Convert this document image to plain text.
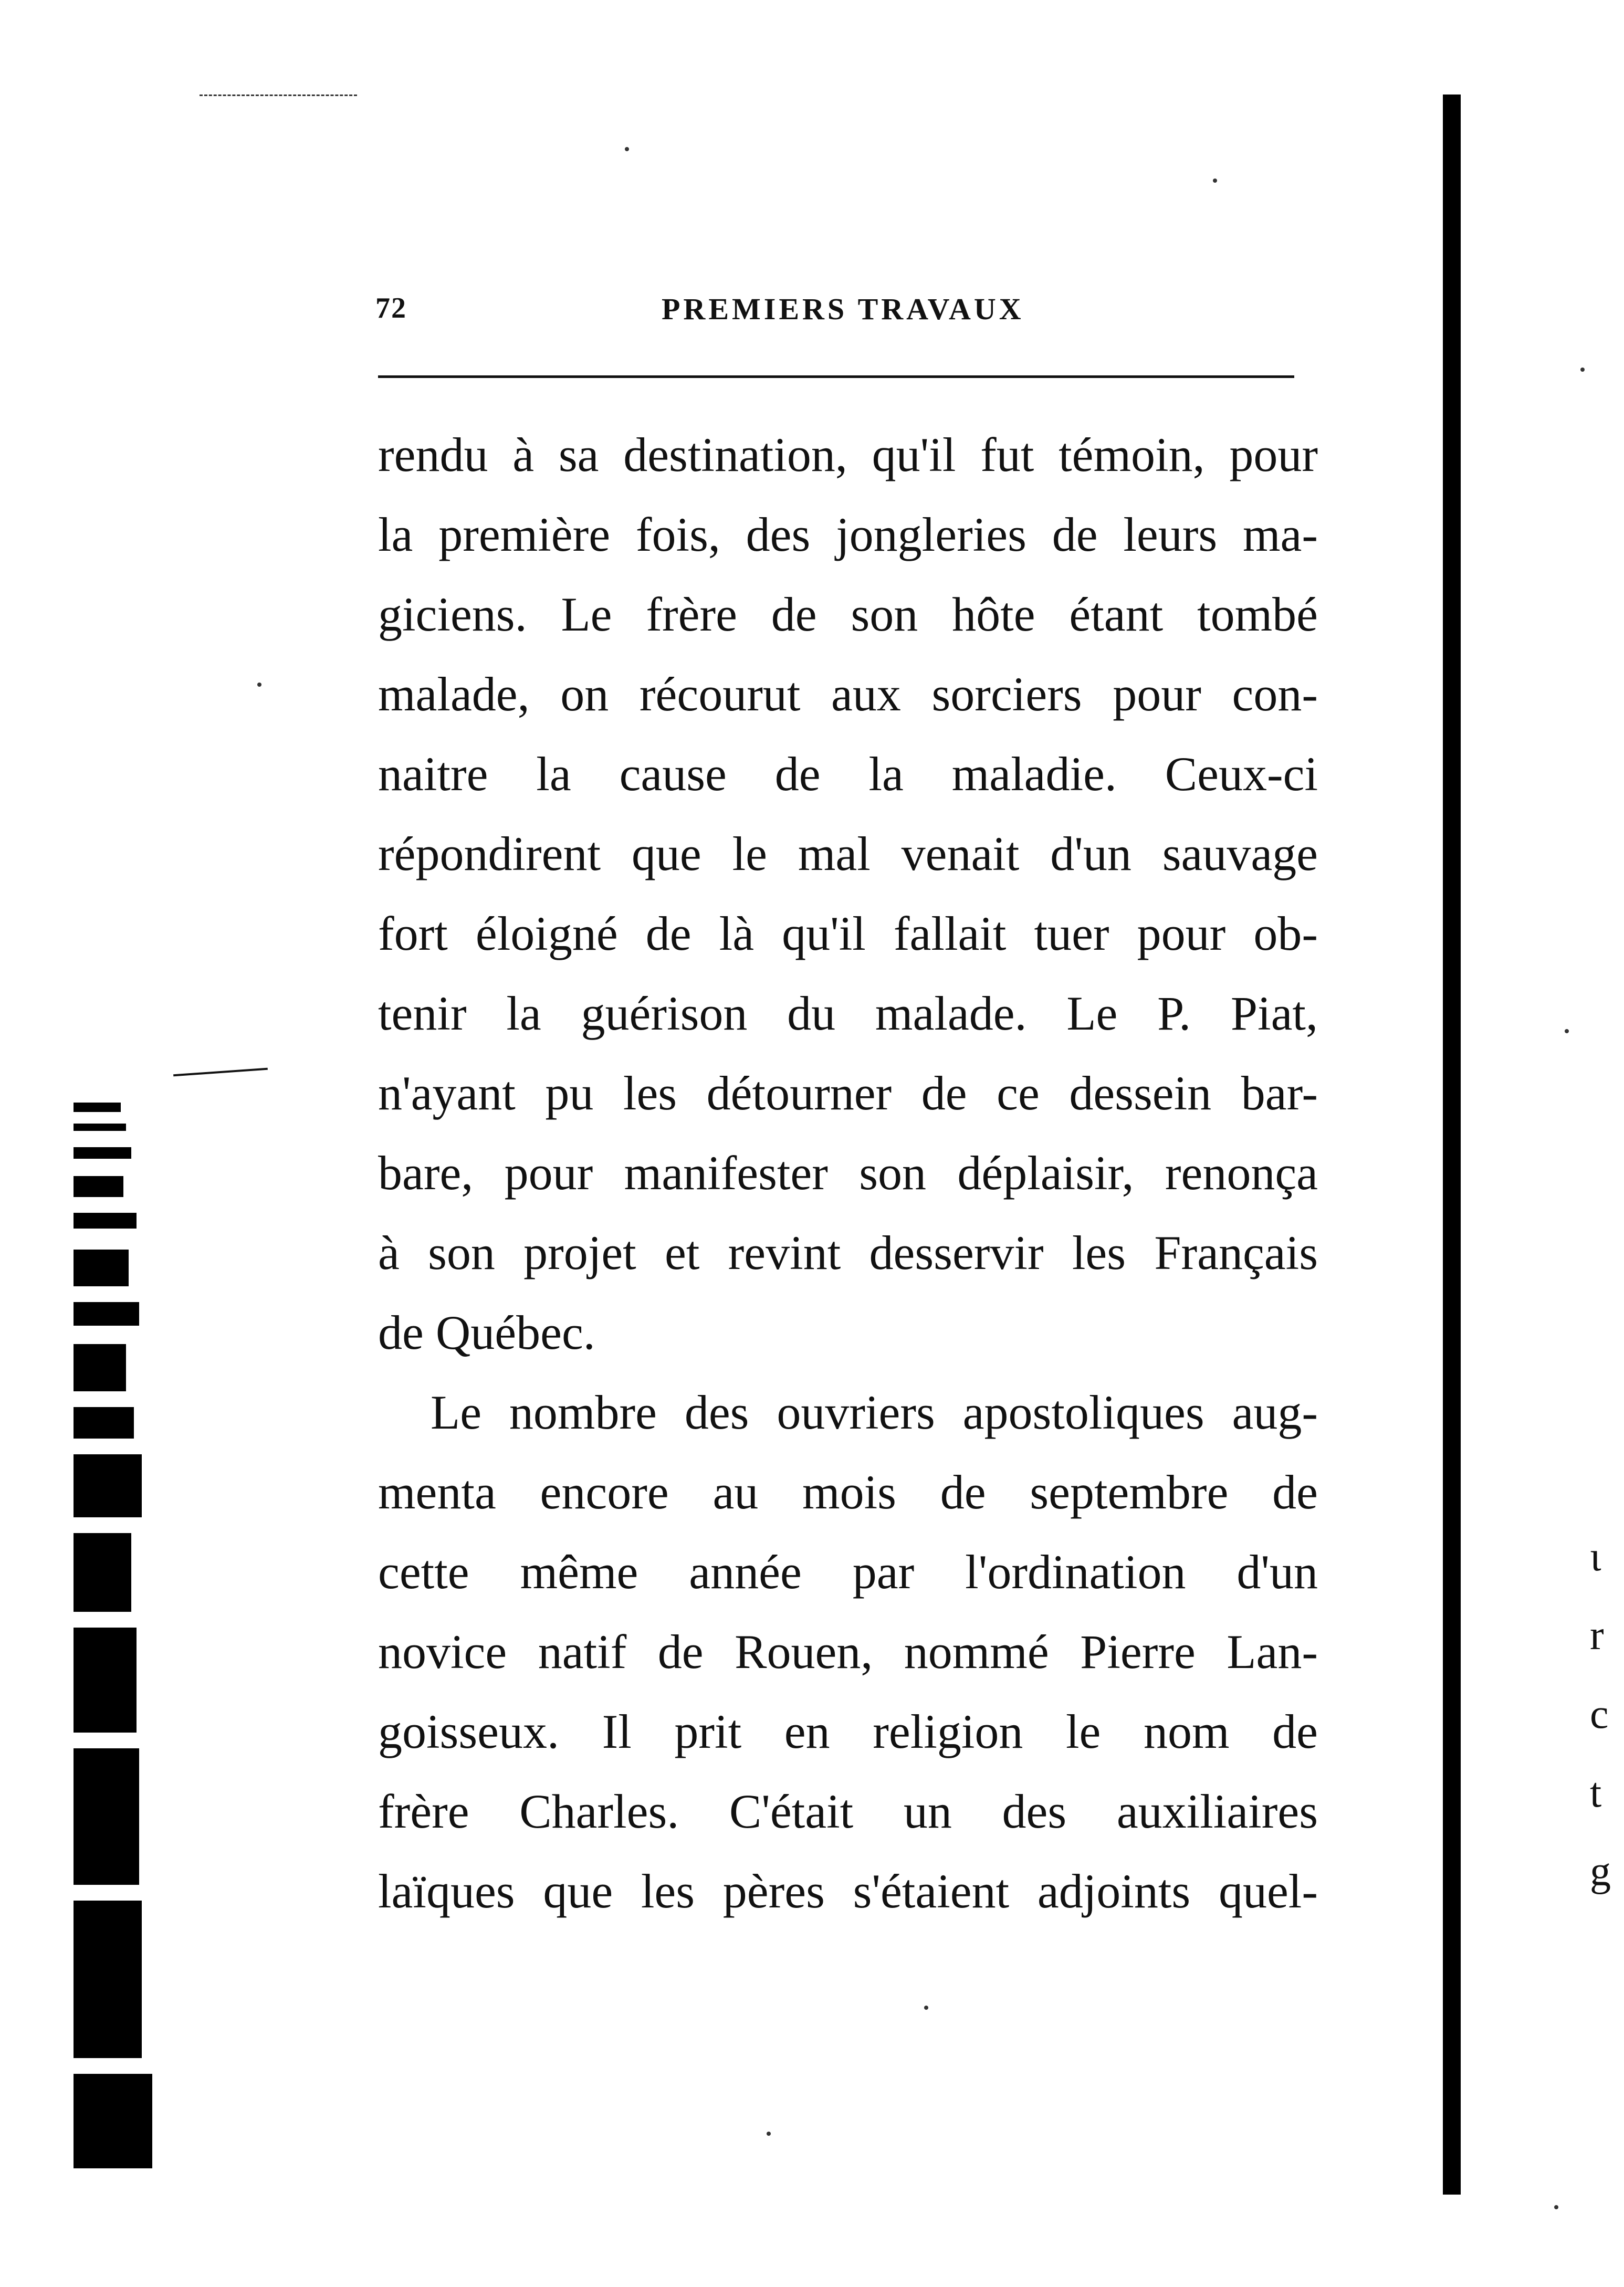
72	PREMIERS TRAVAUX
rendu à sa destination, qu'il fut témoin, pour
la première fois, des jongleries de leurs ma-
giciens. Le frère de son hôte étant tombé
malade, on récourut aux sorciers pour con-
naitre la cause de la maladie. Ceux-ci
répondirent que le mal venait d'un sauvage
fort éloigné de là qu'il fallait tuer pour ob-
tenir la guérison du malade. Le P. Piat,
n'ayant pu les détourner de ce dessein bar-
bare, pour manifester son déplaisir, renonça
à son projet et revint desservir les Français
de Québec.
Le nombre des ouvriers apostoliques aug-
menta encore au mois de septembre de
cette même année par l'ordination d'un
novice natif de Rouen, nommé Pierre Lan-
goisseux. Il prit en religion le nom de
frère Charles. C'était un des auxiliaires
laïques que les pères s'étaient adjoints quel-
ι
r
c
t
g
